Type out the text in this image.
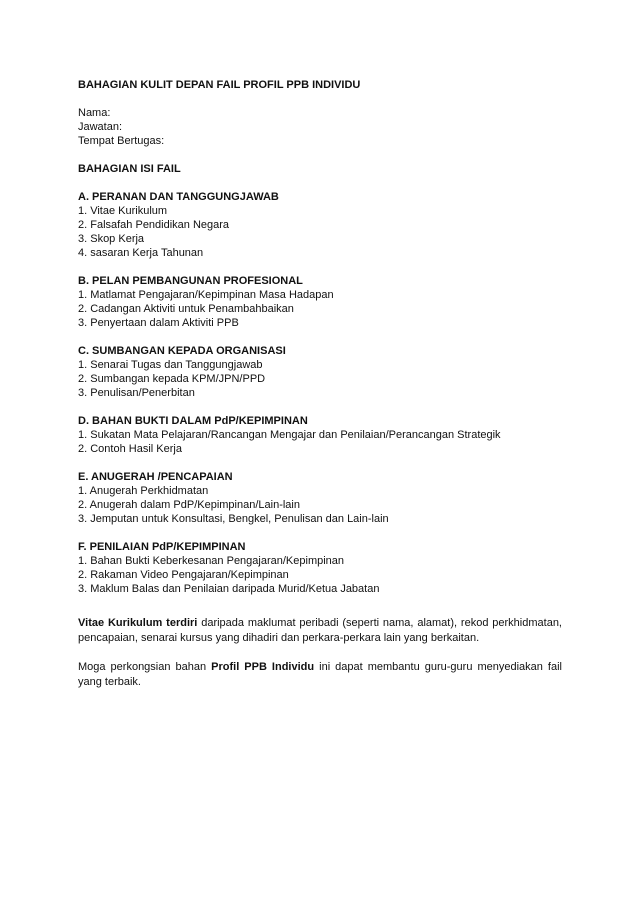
BAHAGIAN KULIT DEPAN FAIL PROFIL PPB INDIVIDU
Nama:
Jawatan:
Tempat Bertugas:
BAHAGIAN ISI FAIL
A. PERANAN DAN TANGGUNGJAWAB
1. Vitae Kurikulum
2. Falsafah Pendidikan Negara
3. Skop Kerja
4. sasaran Kerja Tahunan
B. PELAN PEMBANGUNAN PROFESIONAL
1. Matlamat Pengajaran/Kepimpinan Masa Hadapan
2. Cadangan Aktiviti untuk Penambahbaikan
3. Penyertaan dalam Aktiviti PPB
C. SUMBANGAN KEPADA ORGANISASI
1. Senarai Tugas dan Tanggungjawab
2. Sumbangan kepada KPM/JPN/PPD
3. Penulisan/Penerbitan
D. BAHAN BUKTI DALAM PdP/KEPIMPINAN
1. Sukatan Mata Pelajaran/Rancangan Mengajar dan Penilaian/Perancangan Strategik
2. Contoh Hasil Kerja
E. ANUGERAH /PENCAPAIAN
1. Anugerah Perkhidmatan
2. Anugerah dalam PdP/Kepimpinan/Lain-lain
3. Jemputan untuk Konsultasi, Bengkel, Penulisan dan Lain-lain
F. PENILAIAN PdP/KEPIMPINAN
1. Bahan Bukti Keberkesanan Pengajaran/Kepimpinan
2. Rakaman Video Pengajaran/Kepimpinan
3. Maklum Balas dan Penilaian daripada Murid/Ketua Jabatan

Vitae Kurikulum terdiri daripada maklumat peribadi (seperti nama, alamat), rekod perkhidmatan, pencapaian, senarai kursus yang dihadiri dan perkara-perkara lain yang berkaitan.

Moga perkongsian bahan Profil PPB Individu ini dapat membantu guru-guru menyediakan fail yang terbaik.
